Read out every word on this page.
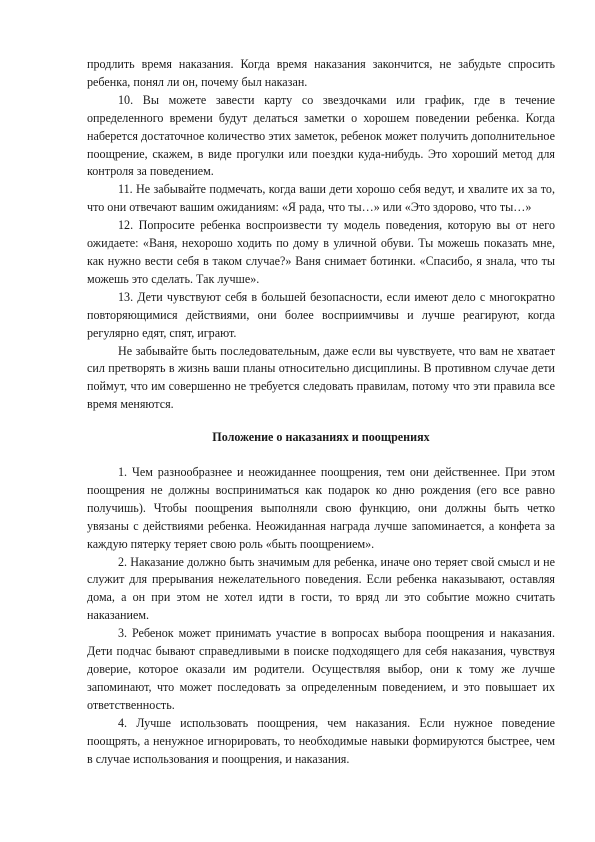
продлить время наказания. Когда время наказания закончится, не забудьте спросить ребенка, понял ли он, почему был наказан.

10. Вы можете завести карту со звездочками или график, где в течение определенного времени будут делаться заметки о хорошем поведении ребенка. Когда наберется достаточное количество этих заметок, ребенок может получить дополнительное поощрение, скажем, в виде прогулки или поездки куда-нибудь. Это хороший метод для контроля за поведением.

11. Не забывайте подмечать, когда ваши дети хорошо себя ведут, и хвалите их за то, что они отвечают вашим ожиданиям: «Я рада, что ты…» или «Это здорово, что ты…»

12. Попросите ребенка воспроизвести ту модель поведения, которую вы от него ожидаете: «Ваня, нехорошо ходить по дому в уличной обуви. Ты можешь показать мне, как нужно вести себя в таком случае?» Ваня снимает ботинки. «Спасибо, я знала, что ты можешь это сделать. Так лучше».

13. Дети чувствуют себя в большей безопасности, если имеют дело с многократно повторяющимися действиями, они более восприимчивы и лучше реагируют, когда регулярно едят, спят, играют.

Не забывайте быть последовательным, даже если вы чувствуете, что вам не хватает сил претворять в жизнь ваши планы относительно дисциплины. В противном случае дети поймут, что им совершенно не требуется следовать правилам, потому что эти правила все время меняются.

Положение о наказаниях и поощрениях

1. Чем разнообразнее и неожиданнее поощрения, тем они действеннее. При этом поощрения не должны восприниматься как подарок ко дню рождения (его все равно получишь). Чтобы поощрения выполняли свою функцию, они должны быть четко увязаны с действиями ребенка. Неожиданная награда лучше запоминается, а конфета за каждую пятерку теряет свою роль «быть поощрением».

2. Наказание должно быть значимым для ребенка, иначе оно теряет свой смысл и не служит для прерывания нежелательного поведения. Если ребенка наказывают, оставляя дома, а он при этом не хотел идти в гости, то вряд ли это событие можно считать наказанием.

3. Ребенок может принимать участие в вопросах выбора поощрения и наказания. Дети подчас бывают справедливыми в поиске подходящего для себя наказания, чувствуя доверие, которое оказали им родители. Осуществляя выбор, они к тому же лучше запоминают, что может последовать за определенным поведением, и это повышает их ответственность.

4. Лучше использовать поощрения, чем наказания. Если нужное поведение поощрять, а ненужное игнорировать, то необходимые навыки формируются быстрее, чем в случае использования и поощрения, и наказания.
